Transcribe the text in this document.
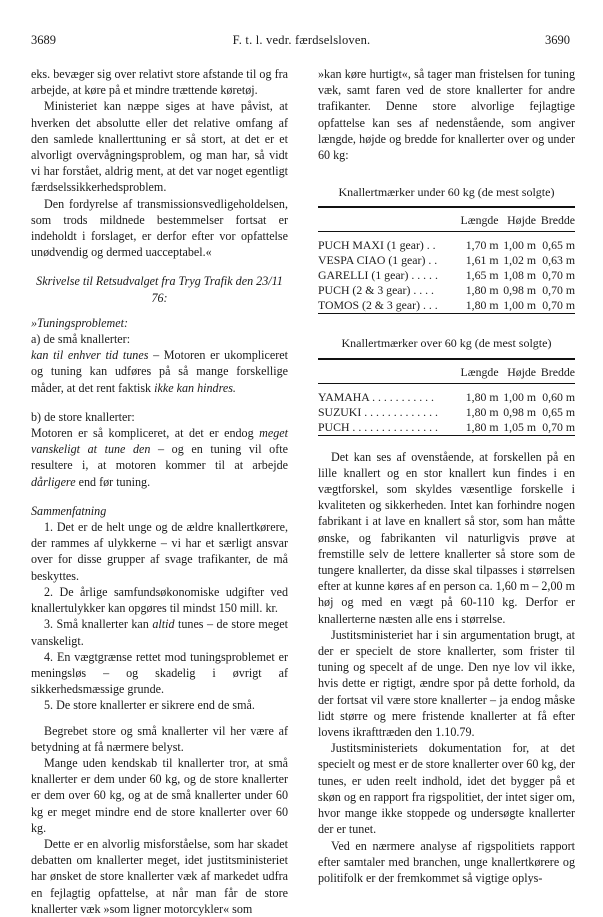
3689	F. t. l. vedr. færdselsloven.	3690

eks. bevæger sig over relativt store afstande til og fra arbejde, at køre på et mindre trættende køretøj.

Ministeriet kan næppe siges at have påvist, at hverken det absolutte eller det relative omfang af den samlede knallerttuning er så stort, at det er et alvorligt overvågningsproblem, og man har, så vidt vi har forstået, aldrig ment, at det var noget egentligt færdselssikkerhedsproblem.

Den fordyrelse af transmissionsvedligeholdelsen, som trods mildnede bestemmelser fortsat er indeholdt i forslaget, er derfor efter vor opfattelse unødvendig og dermed uacceptabel.«

Skrivelse til Retsudvalget fra Tryg Trafik den 23/11 76:

»Tuningsproblemet:

a) de små knallerter:

kan til enhver tid tunes – Motoren er ukompliceret og tuning kan udføres på så mange forskellige måder, at det rent faktisk ikke kan hindres.

b) de store knallerter:

Motoren er så kompliceret, at det er endog meget vanskeligt at tune den – og en tuning vil ofte resultere i, at motoren kommer til at arbejde dårligere end før tuning.

Sammenfatning

1. Det er de helt unge og de ældre knallertkørere, der rammes af ulykkerne – vi har et særligt ansvar over for disse grupper af svage trafikanter, de må beskyttes.

2. De årlige samfundsøkonomiske udgifter ved knallertulykker kan opgøres til mindst 150 mill. kr.

3. Små knallerter kan altid tunes – de store meget vanskeligt.

4. En vægtgrænse rettet mod tuningsproblemet er meningsløs – og skadelig i øvrigt af sikkerhedsmæssige grunde.

5. De store knallerter er sikrere end de små.

Begrebet store og små knallerter vil her være af betydning at få nærmere belyst.

Mange uden kendskab til knallerter tror, at små knallerter er dem under 60 kg, og de store knallerter er dem over 60 kg, og at de små knallerter under 60 kg er meget mindre end de store knallerter over 60 kg.

Dette er en alvorlig misforståelse, som har skadet debatten om knallerter meget, idet justitsministeriet har ønsket de store knallerter væk af markedet udfra en fejlagtig opfattelse, at når man får de store knallerter væk »som ligner motorcykler« som

»kan køre hurtigt«, så tager man fristelsen for tuning væk, samt faren ved de store knallerter for andre trafikanter. Denne store alvorlige fejlagtige opfattelse kan ses af nedenstående, som angiver længde, højde og bredde for knallerter over og under 60 kg:

Knallertmærker under 60 kg (de mest solgte)

	Længde	Højde	Bredde
PUCH MAXI (1 gear) . .	1,70 m	1,00 m	0,65 m
VESPA CIAO (1 gear) . .	1,61 m	1,02 m	0,63 m
GARELLI (1 gear) . . . . .	1,65 m	1,08 m	0,70 m
PUCH (2 & 3 gear) . . . .	1,80 m	0,98 m	0,70 m
TOMOS (2 & 3 gear) . . .	1,80 m	1,00 m	0,70 m
Knallertmærker over 60 kg (de mest solgte)

	Længde	Højde	Bredde
YAMAHA . . . . . . . . . . .	1,80 m	1,00 m	0,60 m
SUZUKI . . . . . . . . . . . . .	1,80 m	0,98 m	0,65 m
PUCH . . . . . . . . . . . . . . .	1,80 m	1,05 m	0,70 m

Det kan ses af ovenstående, at forskellen på en lille knallert og en stor knallert kun findes i en vægtforskel, som skyldes væsentlige forskelle i kvaliteten og sikkerheden. Intet kan forhindre nogen fabrikant i at lave en knallert så stor, som han måtte ønske, og fabrikanten vil naturligvis prøve at fremstille selv de lettere knallerter så store som de tungere knallerter, da disse skal tilpasses i størrelsen efter at kunne køres af en person ca. 1,60 m – 2,00 m høj og med en vægt på 60-110 kg. Derfor er knallerterne næsten alle ens i størrelse.

Justitsministeriet har i sin argumentation brugt, at der er specielt de store knallerter, som frister til tuning og specelt af de unge. Den nye lov vil ikke, hvis dette er rigtigt, ændre spor på dette forhold, da der fortsat vil være store knallerter – ja endog måske lidt større og mere fristende knallerter at få efter lovens ikrafttræden den 1.10.79.

Justitsministeriets dokumentation for, at det specielt og mest er de store knallerter over 60 kg, der tunes, er uden reelt indhold, idet det bygger på et skøn og en rapport fra rigspolitiet, der intet siger om, hvor mange ikke stoppede og undersøgte knallerter der er tunet.

Ved en nærmere analyse af rigspolitiets rapport efter samtaler med branchen, unge knallertkørere og politifolk er der fremkommet så vigtige oplys-
